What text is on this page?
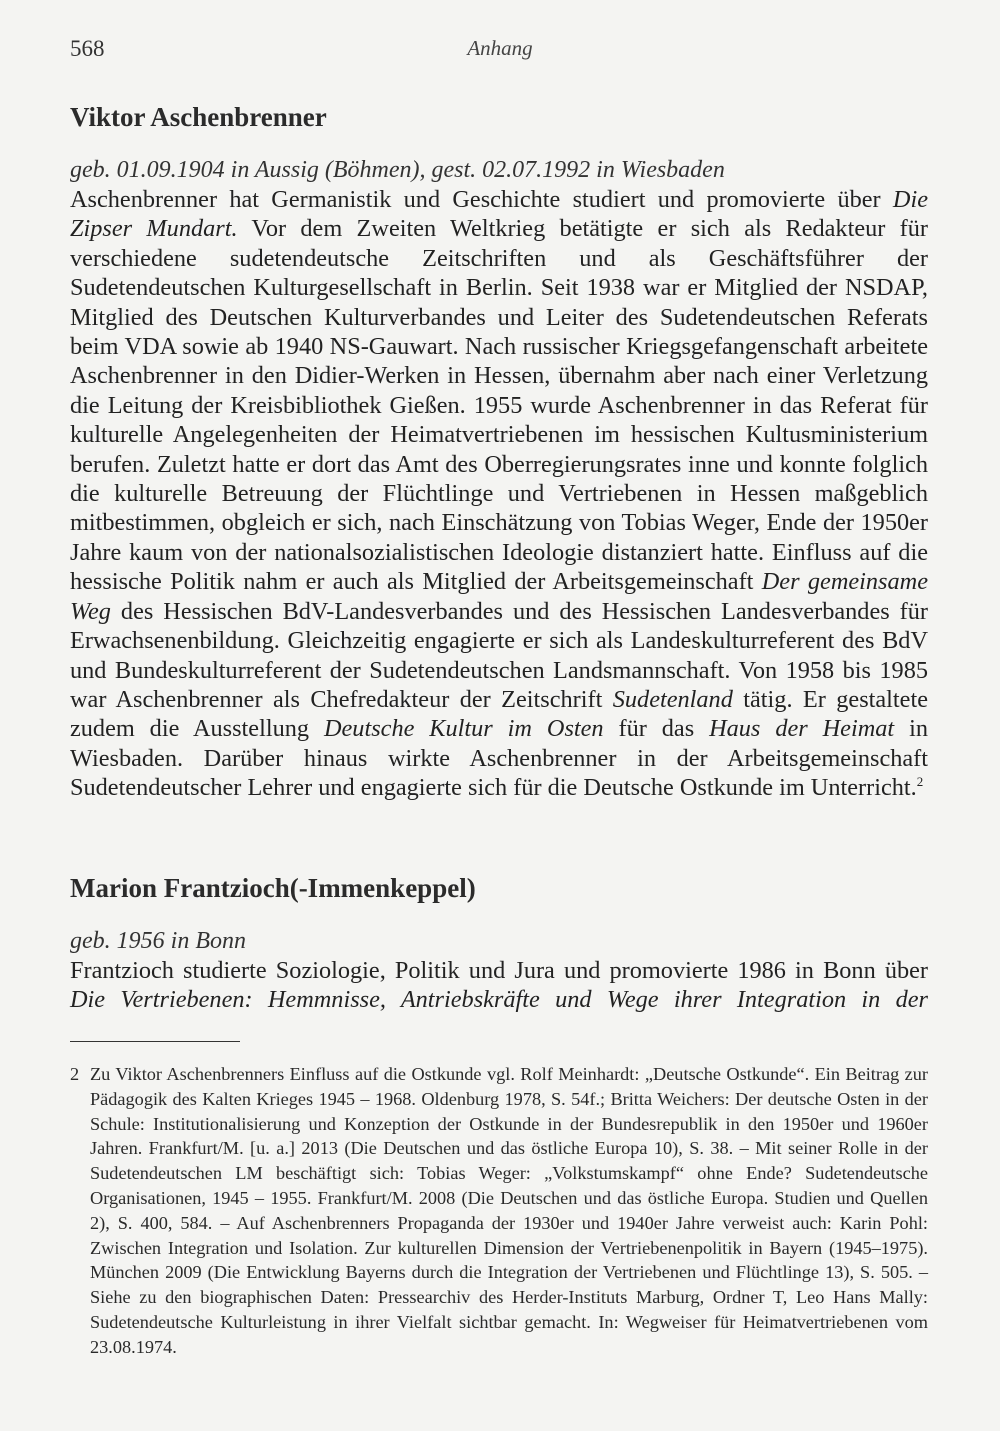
568	Anhang
Viktor Aschenbrenner

geb. 01.09.1904 in Aussig (Böhmen), gest. 02.07.1992 in Wiesbaden

Aschenbrenner hat Germanistik und Geschichte studiert und promovierte über Die Zipser Mundart. Vor dem Zweiten Weltkrieg betätigte er sich als Redakteur für verschiedene sudetendeutsche Zeitschriften und als Geschäftsführer der Sudetendeutschen Kulturgesellschaft in Berlin. Seit 1938 war er Mitglied der NSDAP, Mitglied des Deutschen Kulturverbandes und Leiter des Sudetendeutschen Referats beim VDA sowie ab 1940 NS-Gauwart. Nach russischer Kriegsgefangenschaft arbeitete Aschenbrenner in den Didier-Werken in Hessen, übernahm aber nach einer Verletzung die Leitung der Kreisbibliothek Gießen. 1955 wurde Aschenbrenner in das Referat für kulturelle Angelegenheiten der Heimatvertriebenen im hessischen Kultusministerium berufen. Zuletzt hatte er dort das Amt des Oberregierungsrates inne und konnte folglich die kulturelle Betreuung der Flüchtlinge und Vertriebenen in Hessen maßgeblich mitbestimmen, obgleich er sich, nach Einschätzung von Tobias Weger, Ende der 1950er Jahre kaum von der nationalsozialistischen Ideologie distanziert hatte. Einfluss auf die hessische Politik nahm er auch als Mitglied der Arbeitsgemeinschaft Der gemeinsame Weg des Hessischen BdV-Landesverbandes und des Hessischen Landesverbandes für Erwachsenenbildung. Gleichzeitig engagierte er sich als Landeskulturreferent des BdV und Bundeskulturreferent der Sudetendeutschen Landsmannschaft. Von 1958 bis 1985 war Aschenbrenner als Chefredakteur der Zeitschrift Sudetenland tätig. Er gestaltete zudem die Ausstellung Deutsche Kultur im Osten für das Haus der Heimat in Wiesbaden. Darüber hinaus wirkte Aschenbrenner in der Arbeitsgemeinschaft Sudetendeutscher Lehrer und engagierte sich für die Deutsche Ostkunde im Unterricht.$^2$

Marion Frantzioch(-Immenkeppel)

geb. 1956 in Bonn

Frantzioch studierte Soziologie, Politik und Jura und promovierte 1986 in Bonn über Die Vertriebenen: Hemmnisse, Antriebskräfte und Wege ihrer Integration in der

2 Zu Viktor Aschenbrenners Einfluss auf die Ostkunde vgl. Rolf Meinhardt: „Deutsche Ostkunde“. Ein Beitrag zur Pädagogik des Kalten Krieges 1945 – 1968. Oldenburg 1978, S. 54f.; Britta Weichers: Der deutsche Osten in der Schule: Institutionalisierung und Konzeption der Ostkunde in der Bundesrepublik in den 1950er und 1960er Jahren. Frankfurt/M. [u. a.] 2013 (Die Deutschen und das östliche Europa 10), S. 38. – Mit seiner Rolle in der Sudetendeutschen LM beschäftigt sich: Tobias Weger: „Volkstumskampf“ ohne Ende? Sudetendeutsche Organisationen, 1945 – 1955. Frankfurt/M. 2008 (Die Deutschen und das östliche Europa. Studien und Quellen 2), S. 400, 584. – Auf Aschenbrenners Propaganda der 1930er und 1940er Jahre verweist auch: Karin Pohl: Zwischen Integration und Isolation. Zur kulturellen Dimension der Vertriebenenpolitik in Bayern (1945–1975). München 2009 (Die Entwicklung Bayerns durch die Integration der Vertriebenen und Flüchtlinge 13), S. 505. – Siehe zu den biographischen Daten: Pressearchiv des Herder-Instituts Marburg, Ordner T, Leo Hans Mally: Sudetendeutsche Kulturleistung in ihrer Vielfalt sichtbar gemacht. In: Wegweiser für Heimatvertriebenen vom 23.08.1974.
